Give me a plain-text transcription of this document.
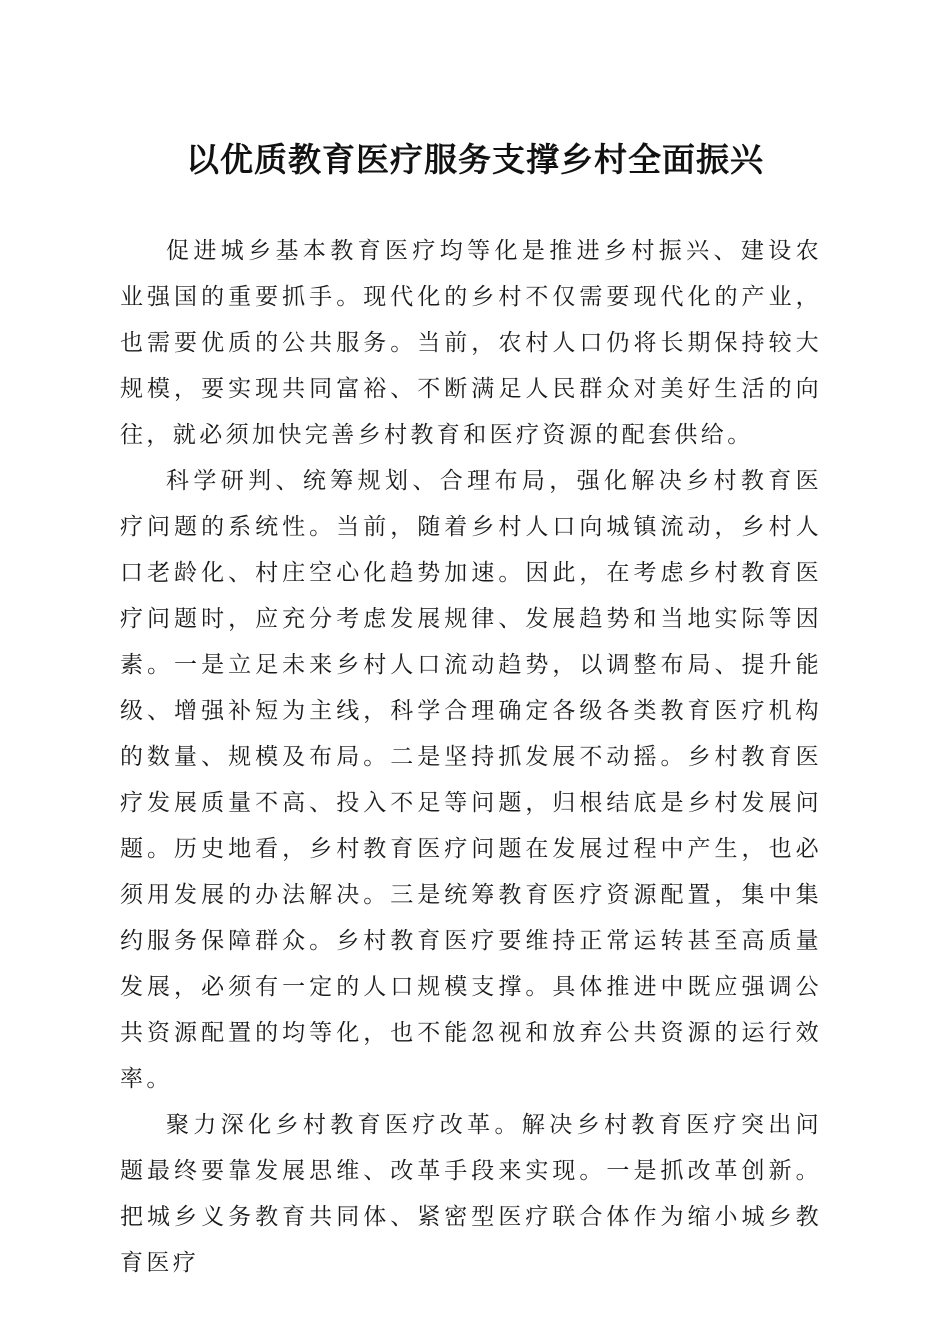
以优质教育医疗服务支撑乡村全面振兴

促进城乡基本教育医疗均等化是推进乡村振兴、建设农业强国的重要抓手。现代化的乡村不仅需要现代化的产业，也需要优质的公共服务。当前，农村人口仍将长期保持较大规模，要实现共同富裕、不断满足人民群众对美好生活的向往，就必须加快完善乡村教育和医疗资源的配套供给。

科学研判、统筹规划、合理布局，强化解决乡村教育医疗问题的系统性。当前，随着乡村人口向城镇流动，乡村人口老龄化、村庄空心化趋势加速。因此，在考虑乡村教育医疗问题时，应充分考虑发展规律、发展趋势和当地实际等因素。一是立足未来乡村人口流动趋势，以调整布局、提升能级、增强补短为主线，科学合理确定各级各类教育医疗机构的数量、规模及布局。二是坚持抓发展不动摇。乡村教育医疗发展质量不高、投入不足等问题，归根结底是乡村发展问题。历史地看，乡村教育医疗问题在发展过程中产生，也必须用发展的办法解决。三是统筹教育医疗资源配置，集中集约服务保障群众。乡村教育医疗要维持正常运转甚至高质量发展，必须有一定的人口规模支撑。具体推进中既应强调公共资源配置的均等化，也不能忽视和放弃公共资源的运行效率。

聚力深化乡村教育医疗改革。解决乡村教育医疗突出问题最终要靠发展思维、改革手段来实现。一是抓改革创新。把城乡义务教育共同体、紧密型医疗联合体作为缩小城乡教育医疗
